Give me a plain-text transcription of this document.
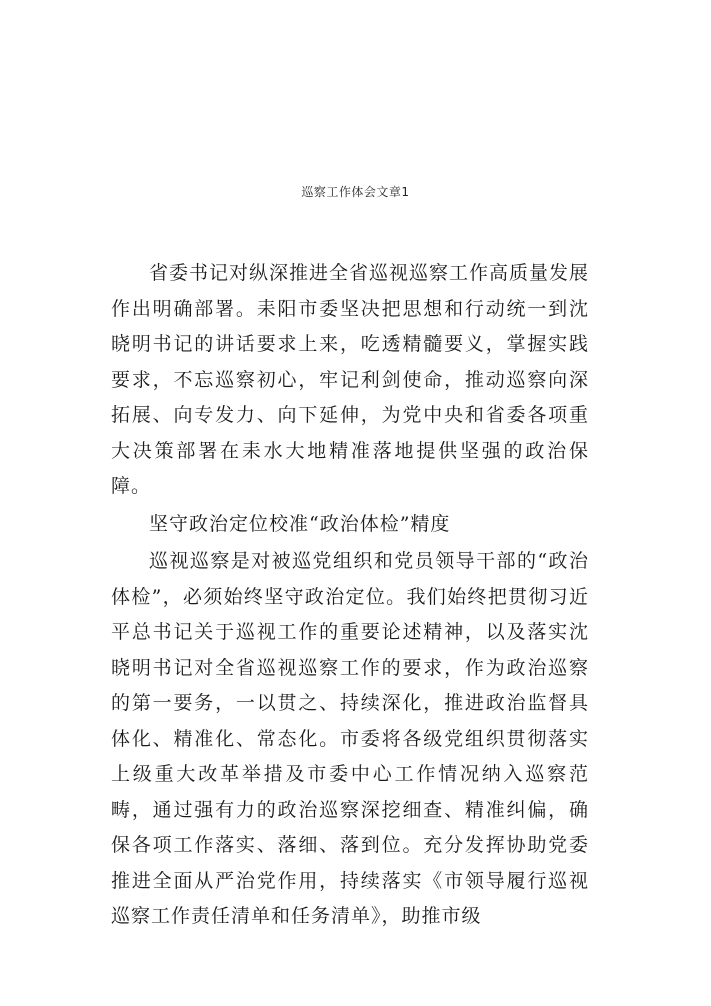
巡察工作体会文章1

省委书记对纵深推进全省巡视巡察工作高质量发展作出明确部署。耒阳市委坚决把思想和行动统一到沈晓明书记的讲话要求上来，吃透精髓要义，掌握实践要求，不忘巡察初心，牢记利剑使命，推动巡察向深拓展、向专发力、向下延伸，为党中央和省委各项重大决策部署在耒水大地精准落地提供坚强的政治保障。

坚守政治定位校准“政治体检”精度

巡视巡察是对被巡党组织和党员领导干部的“政治体检”，必须始终坚守政治定位。我们始终把贯彻习近平总书记关于巡视工作的重要论述精神，以及落实沈晓明书记对全省巡视巡察工作的要求，作为政治巡察的第一要务，一以贯之、持续深化，推进政治监督具体化、精准化、常态化。市委将各级党组织贯彻落实上级重大改革举措及市委中心工作情况纳入巡察范畴，通过强有力的政治巡察深挖细查、精准纠偏，确保各项工作落实、落细、落到位。充分发挥协助党委推进全面从严治党作用，持续落实《市领导履行巡视巡察工作责任清单和任务清单》，助推市级
